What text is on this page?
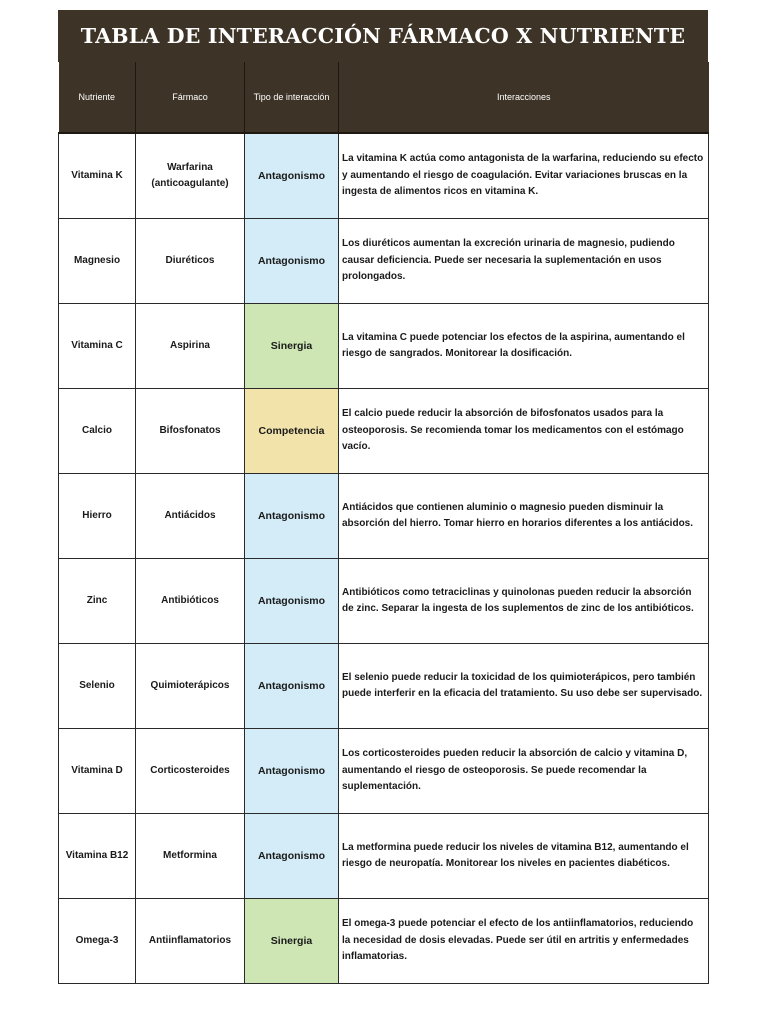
TABLA DE INTERACCIÓN FÁRMACO X NUTRIENTE
Nutriente	Fármaco	Tipo de interacción	Interacciones
Vitamina K	Warfarina (anticoagulante)	Antagonismo	La vitamina K actúa como antagonista de la warfarina, reduciendo su efecto y aumentando el riesgo de coagulación. Evitar variaciones bruscas en la ingesta de alimentos ricos en vitamina K.
Magnesio	Diuréticos	Antagonismo	Los diuréticos aumentan la excreción urinaria de magnesio, pudiendo causar deficiencia. Puede ser necesaria la suplementación en usos prolongados.
Vitamina C	Aspirina	Sinergia	La vitamina C puede potenciar los efectos de la aspirina, aumentando el riesgo de sangrados. Monitorear la dosificación.
Calcio	Bifosfonatos	Competencia	El calcio puede reducir la absorción de bifosfonatos usados para la osteoporosis. Se recomienda tomar los medicamentos con el estómago vacío.
Hierro	Antiácidos	Antagonismo	Antiácidos que contienen aluminio o magnesio pueden disminuir la absorción del hierro. Tomar hierro en horarios diferentes a los antiácidos.
Zinc	Antibióticos	Antagonismo	Antibióticos como tetraciclinas y quinolonas pueden reducir la absorción de zinc. Separar la ingesta de los suplementos de zinc de los antibióticos.
Selenio	Quimioterápicos	Antagonismo	El selenio puede reducir la toxicidad de los quimioterápicos, pero también puede interferir en la eficacia del tratamiento. Su uso debe ser supervisado.
Vitamina D	Corticosteroides	Antagonismo	Los corticosteroides pueden reducir la absorción de calcio y vitamina D, aumentando el riesgo de osteoporosis. Se puede recomendar la suplementación.
Vitamina B12	Metformina	Antagonismo	La metformina puede reducir los niveles de vitamina B12, aumentando el riesgo de neuropatía. Monitorear los niveles en pacientes diabéticos.
Omega-3	Antiinflamatorios	Sinergia	El omega-3 puede potenciar el efecto de los antiinflamatorios, reduciendo la necesidad de dosis elevadas. Puede ser útil en artritis y enfermedades inflamatorias.
